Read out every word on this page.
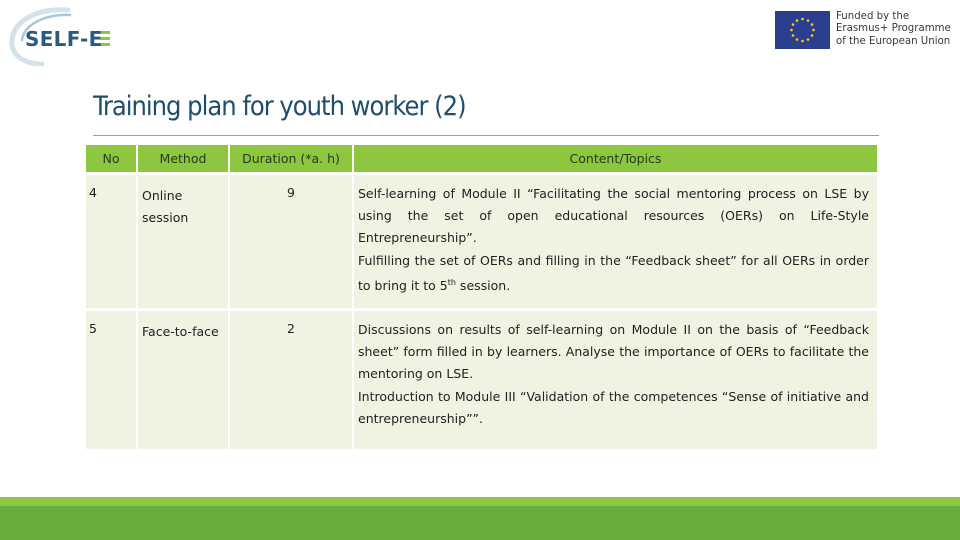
SELF-E
Funded by the
Erasmus+ Programme
of the European Union
Training plan for youth worker (2)
No	Method	Duration (*a. h)	Content/Topics
4	Online session	9	Self-learning of Module II “Facilitating the social mentoring process on LSE by using the set of open educational resources (OERs) on Life-Style Entrepreneurship”.
Fulfilling the set of OERs and filling in the “Feedback sheet” for all OERs in order to bring it to 5th session.

5	Face-to-face	2	Discussions on results of self-learning on Module II on the basis of “Feedback sheet” form filled in by learners. Analyse the importance of OERs to facilitate the mentoring on LSE.
Introduction to Module III “Validation of the competences “Sense of initiative and entrepreneurship””.
